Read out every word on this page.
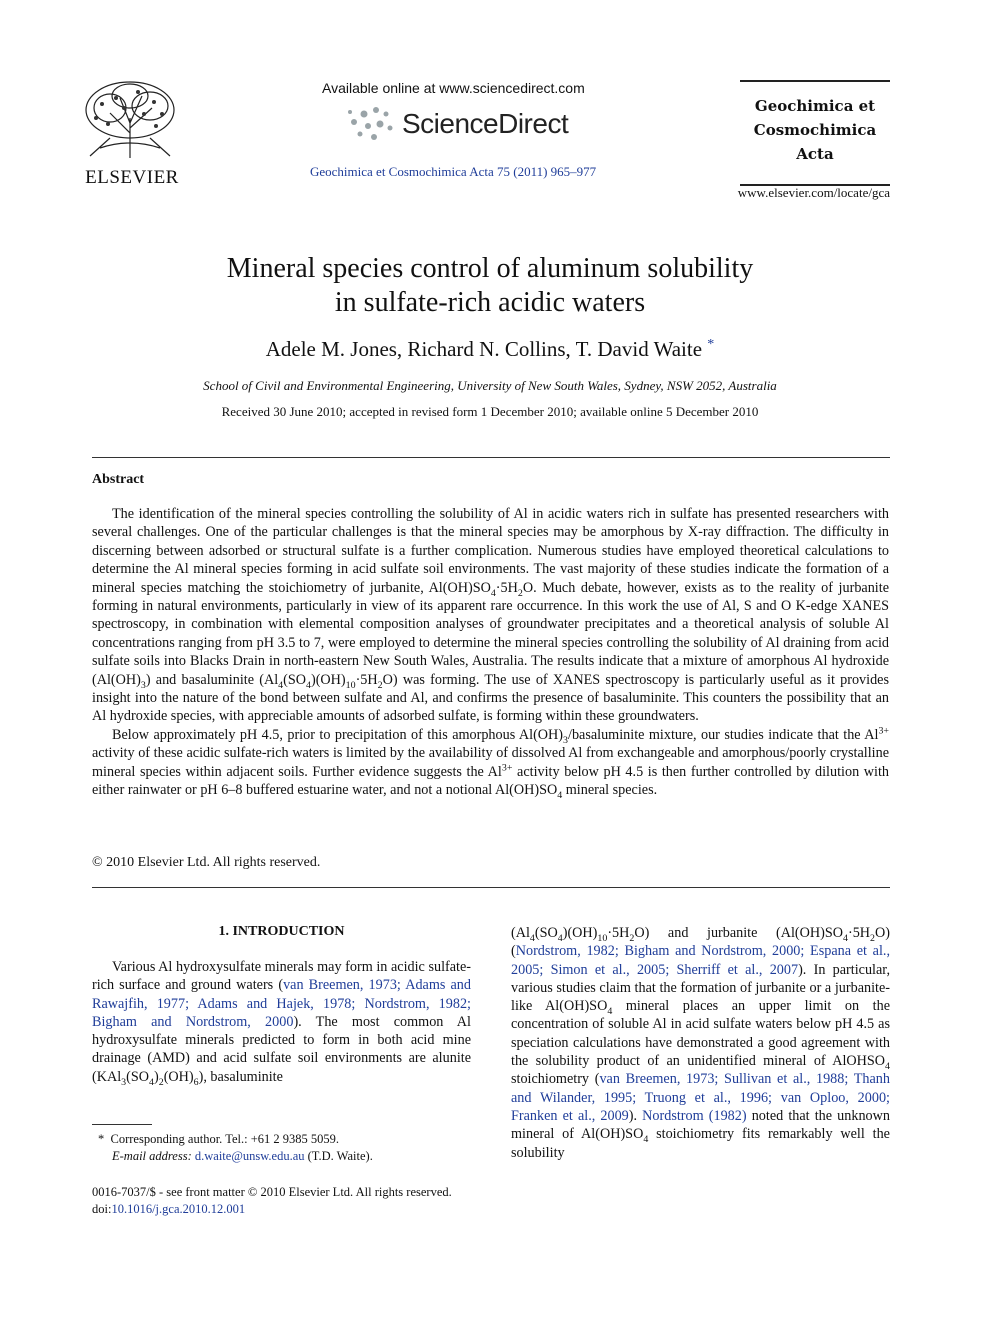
ELSEVIER
Available online at www.sciencedirect.com
ScienceDirect
Geochimica et Cosmochimica Acta 75 (2011) 965–977
Geochimica et
Cosmochimica
Acta
www.elsevier.com/locate/gca
Mineral species control of aluminum solubility
in sulfate-rich acidic waters
Adele M. Jones, Richard N. Collins, T. David Waite *
School of Civil and Environmental Engineering, University of New South Wales, Sydney, NSW 2052, Australia
Received 30 June 2010; accepted in revised form 1 December 2010; available online 5 December 2010
Abstract

The identification of the mineral species controlling the solubility of Al in acidic waters rich in sulfate has presented researchers with several challenges. One of the particular challenges is that the mineral species may be amorphous by X-ray diffraction. The difficulty in discerning between adsorbed or structural sulfate is a further complication. Numerous studies have employed theoretical calculations to determine the Al mineral species forming in acid sulfate soil environments. The vast majority of these studies indicate the formation of a mineral species matching the stoichiometry of jurbanite, $Al(OH)SO_4\cdot 5H_2O$. Much debate, however, exists as to the reality of jurbanite forming in natural environments, particularly in view of its apparent rare occurrence. In this work the use of Al, S and O K-edge XANES spectroscopy, in combination with elemental composition analyses of groundwater precipitates and a theoretical analysis of soluble Al concentrations ranging from pH 3.5 to 7, were employed to determine the mineral species controlling the solubility of Al draining from acid sulfate soils into Blacks Drain in north-eastern New South Wales, Australia. The results indicate that a mixture of amorphous Al hydroxide $(Al(OH)_3)$ and basaluminite $(Al_4(SO_4)(OH)_{10}\cdot 5H_2O)$ was forming. The use of XANES spectroscopy is particularly useful as it provides insight into the nature of the bond between sulfate and Al, and confirms the presence of basaluminite. This counters the possibility that an Al hydroxide species, with appreciable amounts of adsorbed sulfate, is forming within these groundwaters.

Below approximately pH 4.5, prior to precipitation of this amorphous $Al(OH)_3$/basaluminite mixture, our studies indicate that the $Al^{3+}$ activity of these acidic sulfate-rich waters is limited by the availability of dissolved Al from exchangeable and amorphous/poorly crystalline mineral species within adjacent soils. Further evidence suggests the $Al^{3+}$ activity below pH 4.5 is then further controlled by dilution with either rainwater or pH 6–8 buffered estuarine water, and not a notional $Al(OH)SO_4$ mineral species.

© 2010 Elsevier Ltd. All rights reserved.
1. INTRODUCTION

Various Al hydroxysulfate minerals may form in acidic sulfate-rich surface and ground waters (van Breemen, 1973; Adams and Rawajfih, 1977; Adams and Hajek, 1978; Nordstrom, 1982; Bigham and Nordstrom, 2000). The most common Al hydroxysulfate minerals predicted to form in both acid mine drainage (AMD) and acid sulfate soil environments are alunite $(KAl_3(SO_4)_2(OH)_6)$, basaluminite

$(Al_4(SO_4)(OH)_{10}\cdot 5H_2O)$ and jurbanite $(Al(OH)SO_4\cdot 5H_2O)$ (Nordstrom, 1982; Bigham and Nordstrom, 2000; Espana et al., 2005; Simon et al., 2005; Sherriff et al., 2007). In particular, various studies claim that the formation of jurbanite or a jurbanite-like $Al(OH)SO_4$ mineral places an upper limit on the concentration of soluble Al in acid sulfate waters below pH 4.5 as speciation calculations have demonstrated a good agreement with the solubility product of an unidentified mineral of AlOHSO$_4$ stoichiometry (van Breemen, 1973; Sullivan et al., 1988; Thanh and Wilander, 1995; Truong et al., 1996; van Oploo, 2000; Franken et al., 2009). Nordstrom (1982) noted that the unknown mineral of $Al(OH)SO_4$ stoichiometry fits remarkably well the solubility

* Corresponding author. Tel.: +61 2 9385 5059.
E-mail address: d.waite@unsw.edu.au (T.D. Waite).
0016-7037/$ - see front matter © 2010 Elsevier Ltd. All rights reserved.
doi:10.1016/j.gca.2010.12.001
